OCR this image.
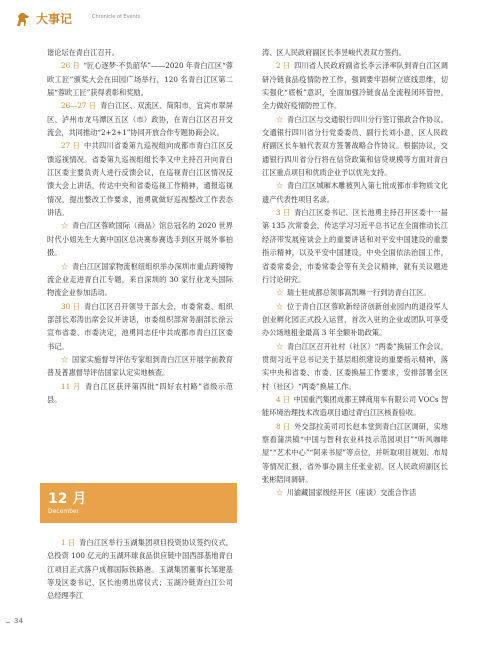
大事记	Chronicle of Events

谐论坛在青白江召开。

26 日  “匠心逐梦·不负韶华”——2020 年青白江区“蓉欧工匠”颁奖大会在田园广场举行，120 名青白江区第二届“蓉欧工匠”获得表彰和奖励。

26—27 日  青白江区、双流区、简阳市，宜宾市翠屏区、泸州市龙马潭区五区（市）政协，在青白江区召开交流会，共同推动“2+2+1”协同开放合作专题协商会议。

27 日  中共四川省委第九巡视组向成都市青白江区反馈巡视情况。省委第九巡视组组长李又中主持召开向青白江区委主要负责人进行反馈会议，在巡视青白江区情况反馈大会上讲话，传达中央和省委巡视工作精神，通报巡视情况，提出整改工作要求，池勇就做好巡视整改工作表态讲话。

☆  青白江区蓉欧国际（商品）馆总冠名的 2020 世界时代小姐先生大赛中国区总决赛参赛选手到区开展外事拍摄。

☆  青白江区国家物流枢纽组织举办深圳市重点跨境物流企业走进青白江专题，来自深圳的 30 家行业龙头国际物流企业参加活动。

30 日  青白江区召开领导干部大会，市委常委、组织部部长邓涛出席会议并讲话，市委组织部常务副部长徐云宣布省委、市委决定，池勇同志任中共成都市青白江区委书记。

☆  国家实施督导评估专家组到青白江区开展学前教育普及普惠督导评估国家认定实地核查。

11 月  青白江区获评第四批“四好农村路”省级示范县。

12 月
December

1 日  青白江区举行玉湖集团项目投资协议签约仪式，总投资 100 亿元的玉湖环球食品供应链中国西部基地青白江项目正式落户成都国际铁路港。玉湖集团董事长邹建基等及区委书记、区长池勇出席仪式；玉湖冷链青白江公司总经理李江

涛、区人民政府副区长李昱峻代表双方签约。

2 日  四川省人民政府副省长李云泽率队到青白江区调研冷链食品疫情防控工作，强调要牢固树立底线思维，切实强化“底板”意识，全面加强冷链食品全流程闭环管控，全力做好疫情防控工作。

☆  青白江区与交通银行四川分行签订银政合作协议。交通银行四川省分行党委委员、副行长刘小意，区人民政府副区长车轴代表双方签署战略合作协议。根据协议，交通银行四川省分行将在信贷政策和信贷规模等方面对青白江区重点项目和优质企业予以优先支持。

☆  青白江区城厢木雕被列入第七批成都市非物质文化遗产代表性项目名录。

3 日  青白江区委书记、区长池勇主持召开区委十一届第 135 次常委会，传达学习习近平总书记在全面推动长江经济带发展座谈会上的重要讲话和对平安中国建设的重要指示精神，以及平安中国建设，中央全面依法治国工作，省委常委会，市委常委会等有关会议精神，就有关议题进行讨论研究。

☆  瑞士驻成都总领事高凯琳一行到访青白江区。

☆  位于青白江区蓉欧新经济创新创业园内的退役军人创业孵化园正式投入运营，首次入驻的企业或团队可享受办公场地租金最高 3 年全额补助政策。

☆  青白江区召开社村（社区）“两委”换届工作会议，贯彻习近平总书记关于基层组织建设的重要指示精神，落实中央和省委、市委、区委换届工作要求，安排部署全区村（社区）“两委”换届工作。

4 日  中国重汽集团成都王牌商用车有限公司 VOCs 智能环境治理技术改造项目通过青白江区核查验收。

8 日  外交部拉美司司长赵本堂到青白江区调研，实地察看蒲洪镇“中国与智利农业科技示范园项目”“听风咖啡屋”“艺术中心”“阿来书屋”等点位，并听取项目规划、布局等情况汇报，省外事办副主任张业初、区人民政府副区长张彬陪同调研。

☆  川渝藏国家级经开区（座谈）交流合作活

34
